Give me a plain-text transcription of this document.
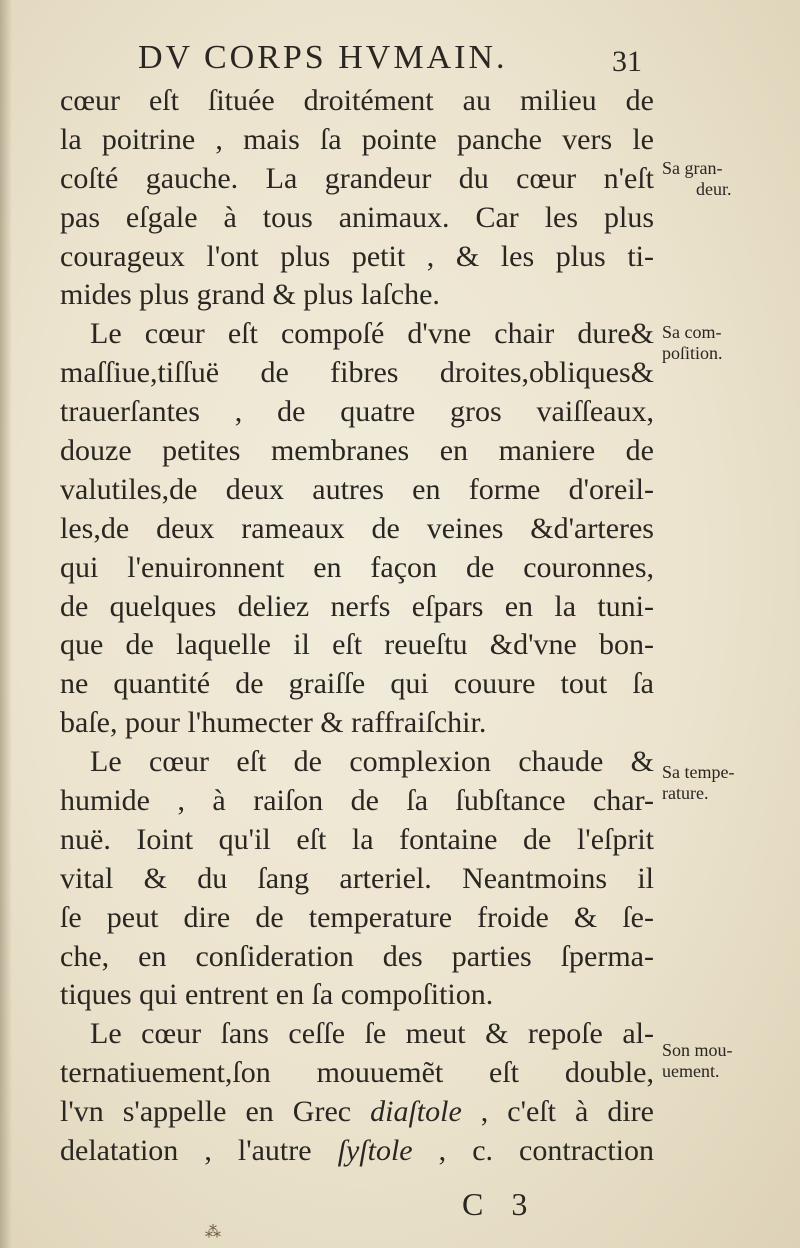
DV CORPS HVMAIN.	31
cœur eſt ſituée droitément au milieu de
la poitrine , mais ſa pointe panche vers le
coſté gauche. La grandeur du cœur n'eſt
pas eſgale à tous animaux. Car les plus
courageux l'ont plus petit , & les plus ti-
mides plus grand & plus laſche.
Le cœur eſt compoſé d'vne chair dure&
maſſiue,tiſſuë de fibres droites,obliques&
trauerſantes , de quatre gros vaiſſeaux,
douze petites membranes en maniere de
valutiles,de deux autres en forme d'oreil-
les,de deux rameaux de veines &d'arteres
qui l'enuironnent en façon de couronnes,
de quelques deliez nerfs eſpars en la tuni-
que de laquelle il eſt reueſtu &d'vne bon-
ne quantité de graiſſe qui couure tout ſa
baſe, pour l'humecter & raffraiſchir.
Le cœur eſt de complexion chaude &
humide , à raiſon de ſa ſubſtance char-
nuë. Ioint qu'il eſt la fontaine de l'eſprit
vital & du ſang arteriel. Neantmoins il
ſe peut dire de temperature froide & ſe-
che, en conſideration des parties ſperma-
tiques qui entrent en ſa compoſition.
Le cœur ſans ceſſe ſe meut & repoſe al-
ternatiuement,ſon mouuemẽt eſt double,
l'vn s'appelle en Grec diaſtole , c'eſt à dire
delatation , l'autre ſyſtole , c. contraction
Sa gran-
deur.
Sa com-
poſition.
Sa tempe-
rature.
Son mou-
uement.
C 3
⁂
